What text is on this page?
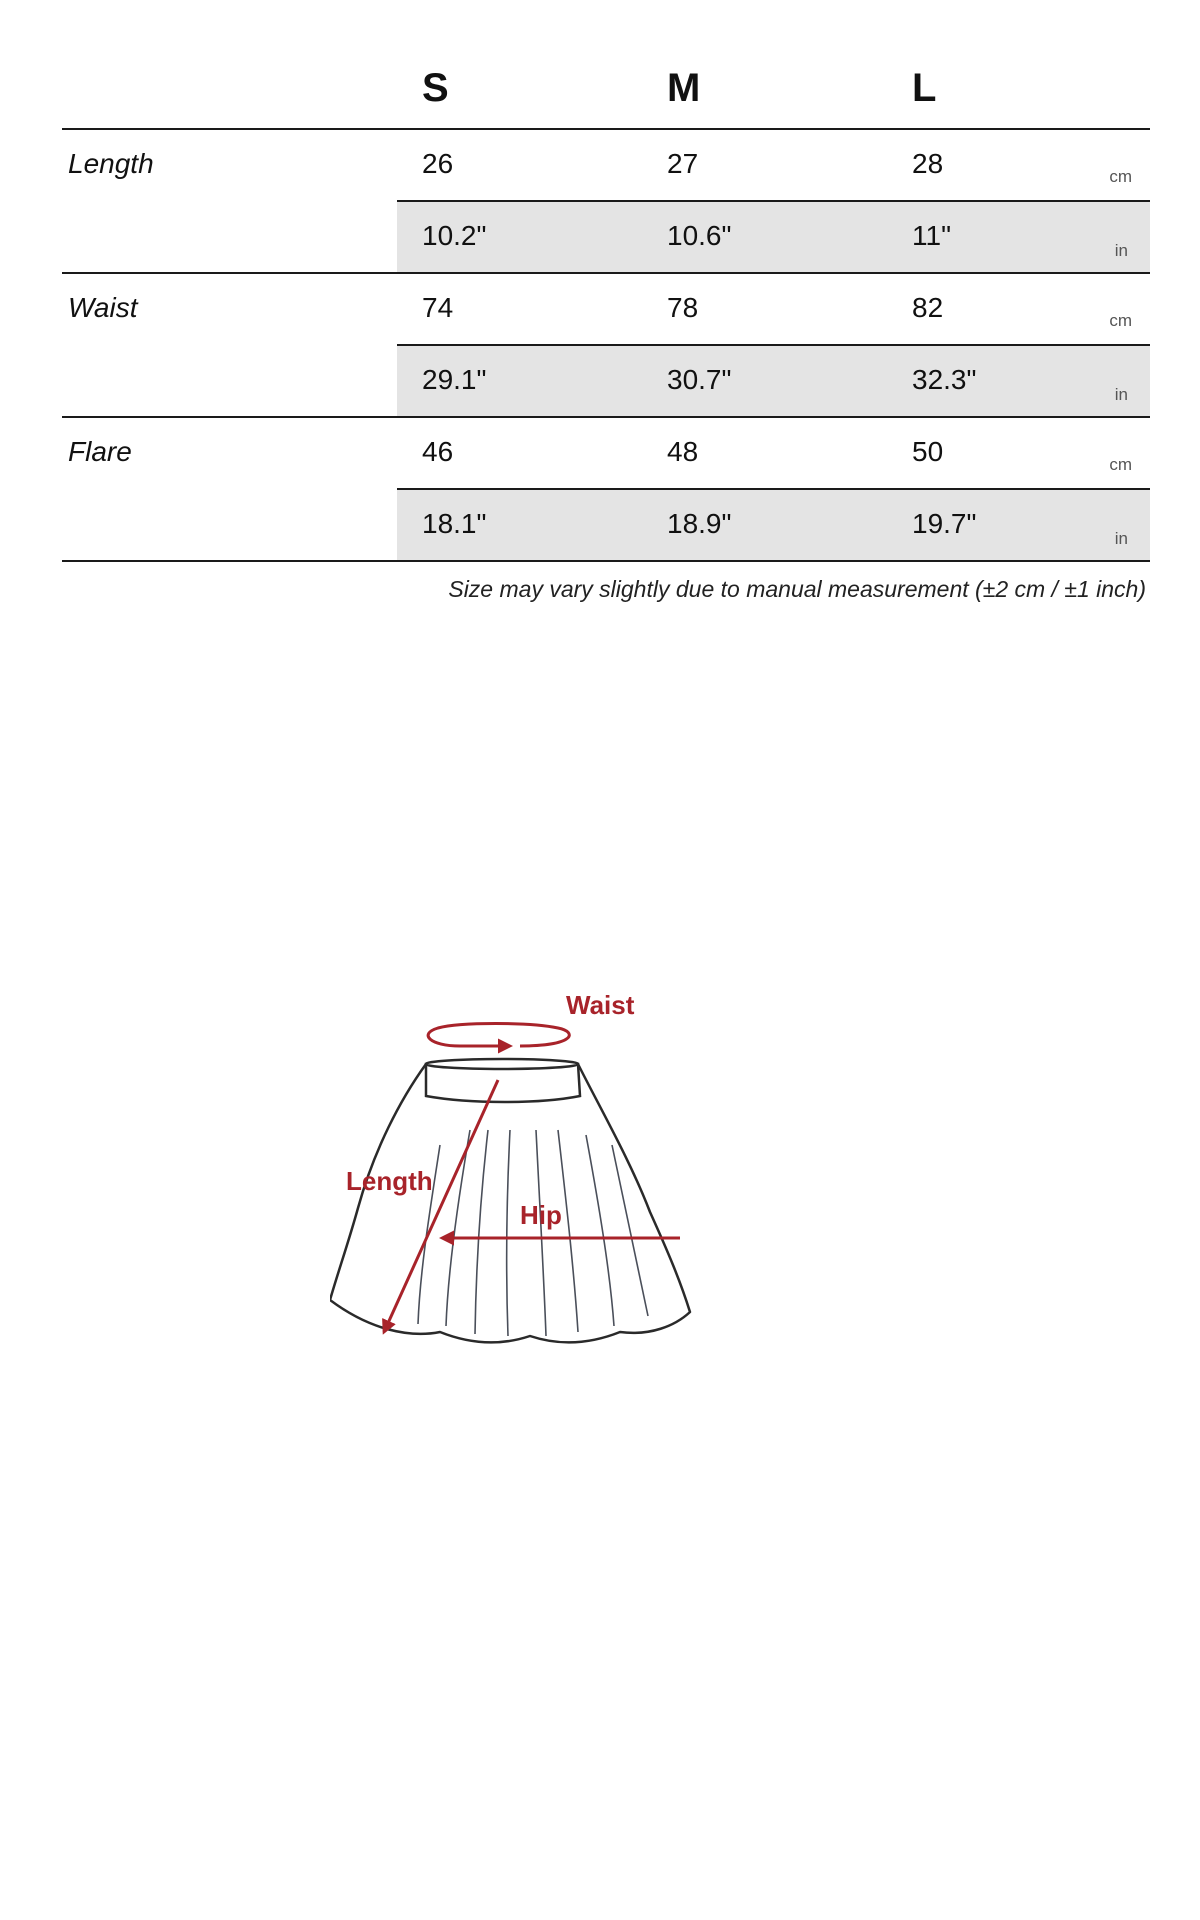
S	M	L
Length	26	27	28	cm
10.2"	10.6"	11"	in
Waist	74	78	82	cm
29.1"	30.7"	32.3"	in
Flare	46	48	50	cm
18.1"	18.9"	19.7"	in
Size may vary slightly due to manual measurement (±2 cm / ±1 inch)
Waist
Length
Hip
